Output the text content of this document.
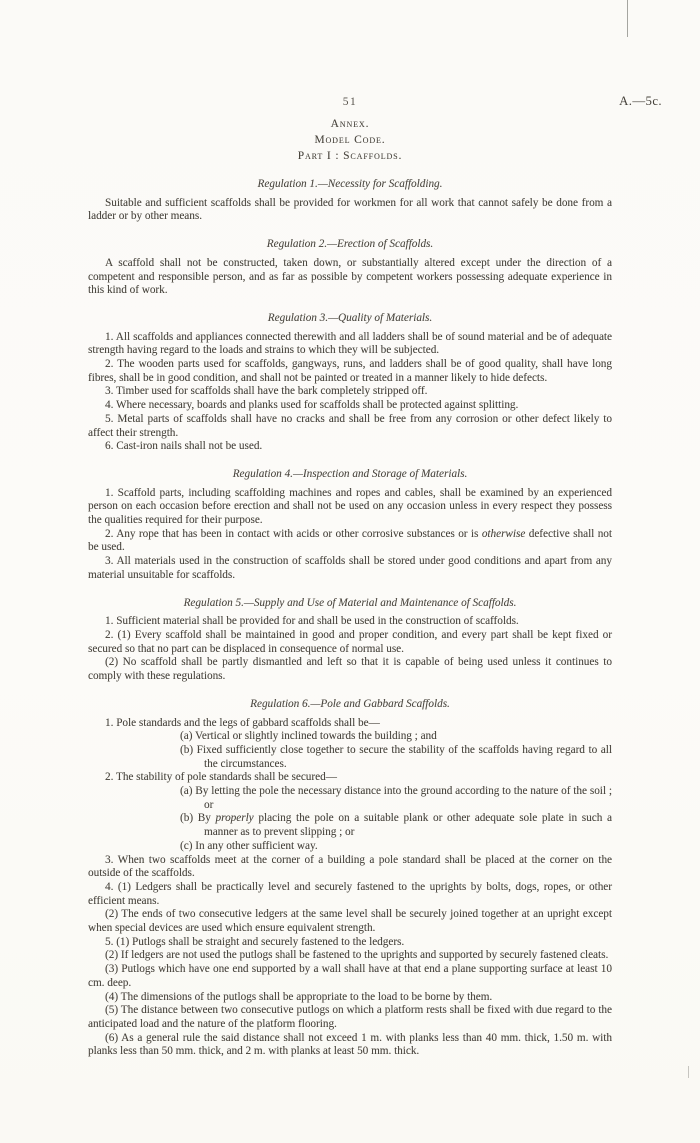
51	A.—5c.
Annex.
Model Code.
Part I : Scaffolds.
Regulation 1.—Necessity for Scaffolding.
Suitable and sufficient scaffolds shall be provided for workmen for all work that cannot safely be done from a ladder or by other means.
Regulation 2.—Erection of Scaffolds.
A scaffold shall not be constructed, taken down, or substantially altered except under the direction of a competent and responsible person, and as far as possible by competent workers possessing adequate experience in this kind of work.
Regulation 3.—Quality of Materials.
1. All scaffolds and appliances connected therewith and all ladders shall be of sound material and be of adequate strength having regard to the loads and strains to which they will be subjected.
2. The wooden parts used for scaffolds, gangways, runs, and ladders shall be of good quality, shall have long fibres, shall be in good condition, and shall not be painted or treated in a manner likely to hide defects.
3. Timber used for scaffolds shall have the bark completely stripped off.
4. Where necessary, boards and planks used for scaffolds shall be protected against splitting.
5. Metal parts of scaffolds shall have no cracks and shall be free from any corrosion or other defect likely to affect their strength.
6. Cast-iron nails shall not be used.
Regulation 4.—Inspection and Storage of Materials.
1. Scaffold parts, including scaffolding machines and ropes and cables, shall be examined by an experienced person on each occasion before erection and shall not be used on any occasion unless in every respect they possess the qualities required for their purpose.
2. Any rope that has been in contact with acids or other corrosive substances or is otherwise defective shall not be used.
3. All materials used in the construction of scaffolds shall be stored under good conditions and apart from any material unsuitable for scaffolds.
Regulation 5.—Supply and Use of Material and Maintenance of Scaffolds.
1. Sufficient material shall be provided for and shall be used in the construction of scaffolds.
2. (1) Every scaffold shall be maintained in good and proper condition, and every part shall be kept fixed or secured so that no part can be displaced in consequence of normal use.
(2) No scaffold shall be partly dismantled and left so that it is capable of being used unless it continues to comply with these regulations.
Regulation 6.—Pole and Gabbard Scaffolds.
1. Pole standards and the legs of gabbard scaffolds shall be—
(a) Vertical or slightly inclined towards the building ; and
(b) Fixed sufficiently close together to secure the stability of the scaffolds having regard to all the circumstances.
2. The stability of pole standards shall be secured—
(a) By letting the pole the necessary distance into the ground according to the nature of the soil ; or
(b) By properly placing the pole on a suitable plank or other adequate sole plate in such a manner as to prevent slipping ; or
(c) In any other sufficient way.
3. When two scaffolds meet at the corner of a building a pole standard shall be placed at the corner on the outside of the scaffolds.
4. (1) Ledgers shall be practically level and securely fastened to the uprights by bolts, dogs, ropes, or other efficient means.
(2) The ends of two consecutive ledgers at the same level shall be securely joined together at an upright except when special devices are used which ensure equivalent strength.
5. (1) Putlogs shall be straight and securely fastened to the ledgers.
(2) If ledgers are not used the putlogs shall be fastened to the uprights and supported by securely fastened cleats.
(3) Putlogs which have one end supported by a wall shall have at that end a plane supporting surface at least 10 cm. deep.
(4) The dimensions of the putlogs shall be appropriate to the load to be borne by them.
(5) The distance between two consecutive putlogs on which a platform rests shall be fixed with due regard to the anticipated load and the nature of the platform flooring.
(6) As a general rule the said distance shall not exceed 1 m. with planks less than 40 mm. thick, 1.50 m. with planks less than 50 mm. thick, and 2 m. with planks at least 50 mm. thick.
